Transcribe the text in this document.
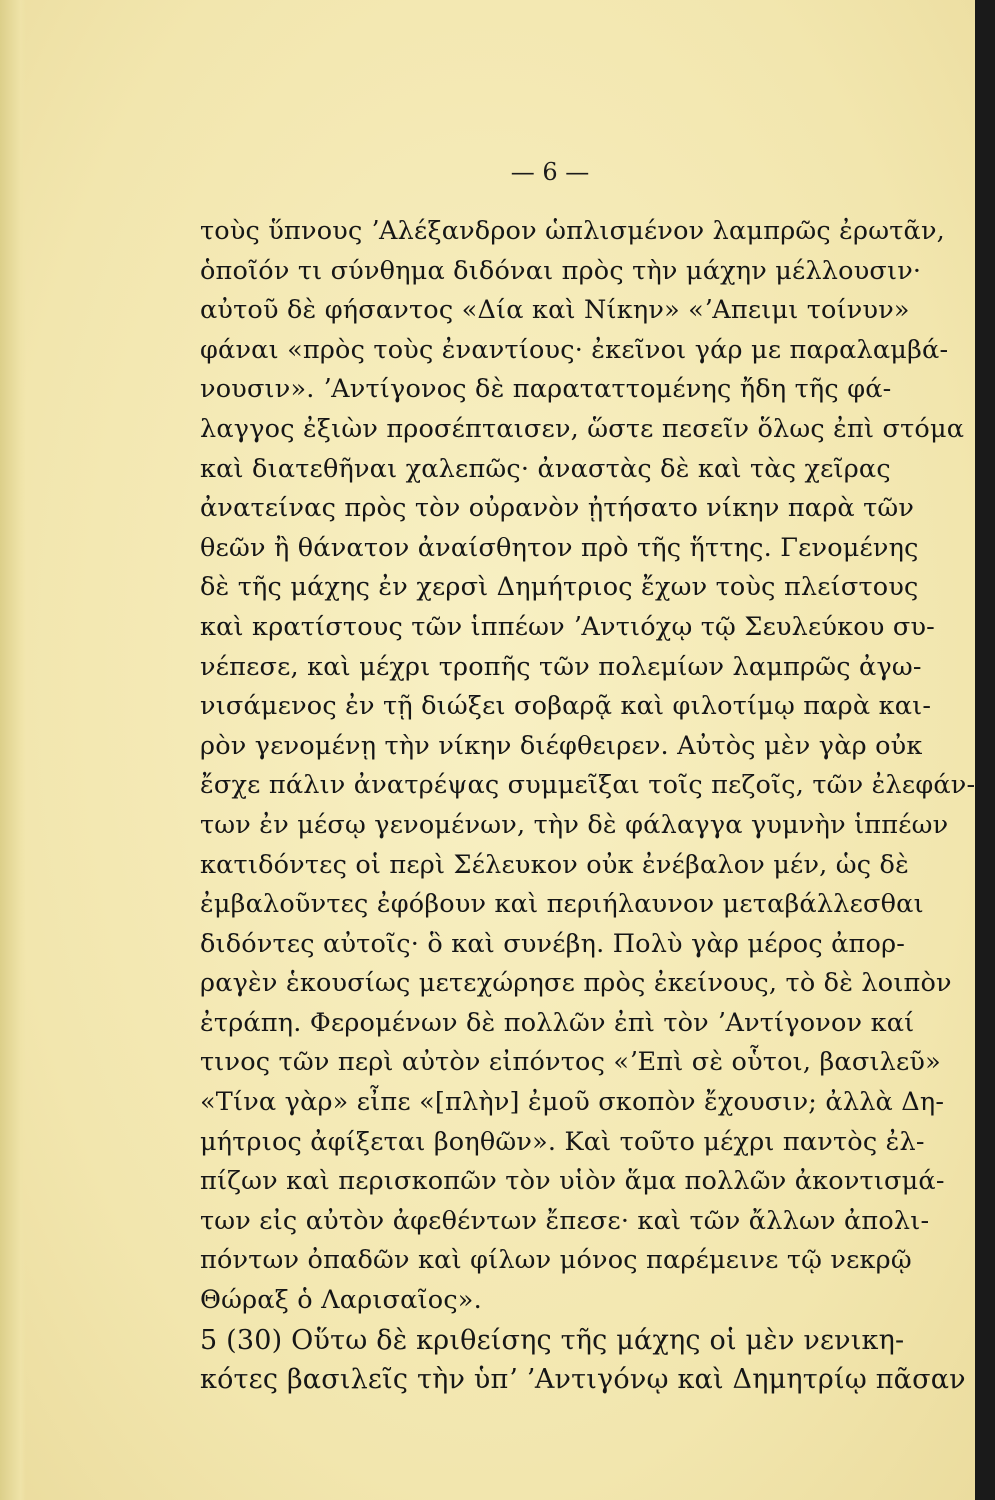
— 6 —
τοὺς ὕπνους ʼΑλέξανδρον ὡπλισμένον λαμπρῶς ἐρωτᾶν,
ὁποῖόν τι σύνθημα διδόναι πρὸς τὴν μάχην μέλλουσιν·
αὐτοῦ δὲ φήσαντος «Δία καὶ Νίκην» «ʼΑπειμι τοίνυν»
φάναι «πρὸς τοὺς ἐναντίους· ἐκεῖνοι γάρ με παραλαμβά-
νουσιν». ʼΑντίγονος δὲ παραταττομένης ἤδη τῆς φά-
λαγγος ἐξιὼν προσέπταισεν, ὥστε πεσεῖν ὅλως ἐπὶ στόμα
καὶ διατεθῆναι χαλεπῶς· ἀναστὰς δὲ καὶ τὰς χεῖρας
ἀνατείνας πρὸς τὸν οὐρανὸν ᾐτήσατο νίκην παρὰ τῶν
θεῶν ἢ θάνατον ἀναίσθητον πρὸ τῆς ἥττης. Γενομένης
δὲ τῆς μάχης ἐν χερσὶ Δημήτριος ἔχων τοὺς πλείστους
καὶ κρατίστους τῶν ἱππέων ʼΑντιόχῳ τῷ Σευλεύκου συ-
νέπεσε, καὶ μέχρι τροπῆς τῶν πολεμίων λαμπρῶς ἀγω-
νισάμενος ἐν τῇ διώξει σοβαρᾷ καὶ φιλοτίμῳ παρὰ και-
ρὸν γενομένῃ τὴν νίκην διέφθειρεν. Αὐτὸς μὲν γὰρ οὐκ
ἔσχε πάλιν ἀνατρέψας συμμεῖξαι τοῖς πεζοῖς, τῶν ἐλεφάν-
των ἐν μέσῳ γενομένων, τὴν δὲ φάλαγγα γυμνὴν ἱππέων
κατιδόντες οἱ περὶ Σέλευκον οὐκ ἐνέβαλον μέν, ὡς δὲ
ἐμβαλοῦντες ἐφόβουν καὶ περιήλαυνον μεταβάλλεσθαι
διδόντες αὐτοῖς· ὃ καὶ συνέβη. Πολὺ γὰρ μέρος ἀπορ-
ραγὲν ἑκουσίως μετεχώρησε πρὸς ἐκείνους, τὸ δὲ λοιπὸν
ἐτράπη. Φερομένων δὲ πολλῶν ἐπὶ τὸν ʼΑντίγονον καί
τινος τῶν περὶ αὐτὸν εἰπόντος «ʼΕπὶ σὲ οὗτοι, βασιλεῦ»
«Τίνα γὰρ» εἶπε «[πλὴν] ἐμοῦ σκοπὸν ἔχουσιν; ἀλλὰ Δη-
μήτριος ἀφίξεται βοηθῶν». Καὶ τοῦτο μέχρι παντὸς ἐλ-
πίζων καὶ περισκοπῶν τὸν υἱὸν ἅμα πολλῶν ἀκοντισμά-
των εἰς αὐτὸν ἀφεθέντων ἔπεσε· καὶ τῶν ἄλλων ἀπολι-
πόντων ὀπαδῶν καὶ φίλων μόνος παρέμεινε τῷ νεκρῷ
Θώραξ ὁ Λαρισαῖος».
5 (30) Οὕτω δὲ κριθείσης τῆς μάχης οἱ μὲν νενικη-
κότες βασιλεῖς τὴν ὑπʼ ʼΑντιγόνῳ καὶ Δημητρίῳ πᾶσαν
